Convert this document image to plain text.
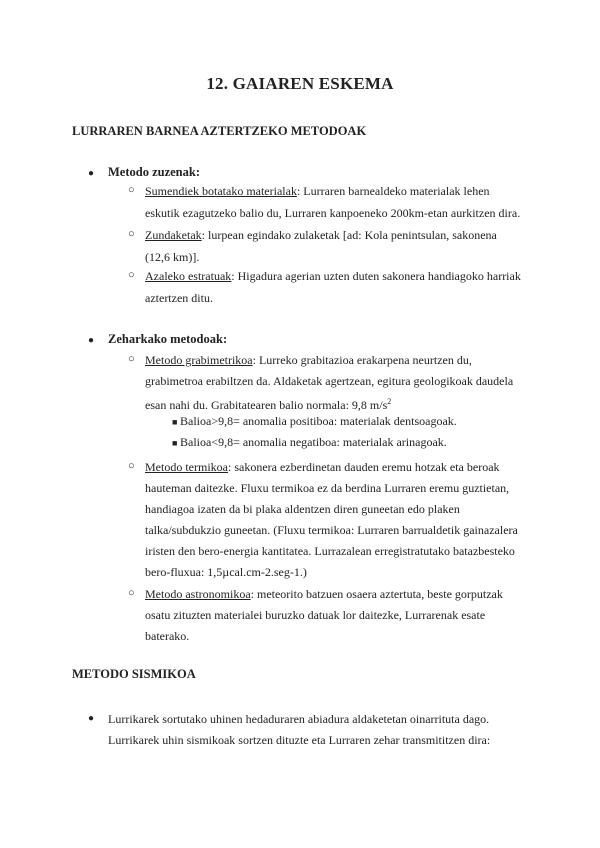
12. GAIAREN ESKEMA
LURRAREN BARNEA AZTERTZEKO METODOAK
● Metodo zuzenak:
○ Sumendiek botatako materialak: Lurraren barnealdeko materialak lehen
eskutik ezagutzeko balio du, Lurraren kanpoeneko 200km-etan aurkitzen dira.
○ Zundaketak: lurpean egindako zulaketak [ad: Kola penintsulan, sakonena
(12,6 km)].
○ Azaleko estratuak: Higadura agerian uzten duten sakonera handiagoko harriak
aztertzen ditu.
● Zeharkako metodoak:
○ Metodo grabimetrikoa: Lurreko grabitazioa erakarpena neurtzen du,
grabimetroa erabiltzen da. Aldaketak agertzean, egitura geologikoak daudela
esan nahi du. Grabitatearen balio normala: 9,8 $m/s^2$
■ Balioa>9,8= anomalia positiboa: materialak dentsoagoak.
■ Balioa<9,8= anomalia negatiboa: materialak arinagoak.
○ Metodo termikoa: sakonera ezberdinetan dauden eremu hotzak eta beroak
hauteman daitezke. Fluxu termikoa ez da berdina Lurraren eremu guztietan,
handiagoa izaten da bi plaka aldentzen diren guneetan edo plaken
talka/subdukzio guneetan. (Fluxu termikoa: Lurraren barrualdetik gainazalera
iristen den bero-energia kantitatea. Lurrazalean erregistratutako batazbesteko
bero-fluxua: 1,5µcal.cm-2.seg-1.)
○ Metodo astronomikoa: meteorito batzuen osaera aztertuta, beste gorputzak
osatu zituzten materialei buruzko datuak lor daitezke, Lurrarenak esate
baterako.
METODO SISMIKOA
● Lurrikarek sortutako uhinen hedaduraren abiadura aldaketetan oinarrituta dago.
Lurrikarek uhin sismikoak sortzen dituzte eta Lurraren zehar transmititzen dira:
